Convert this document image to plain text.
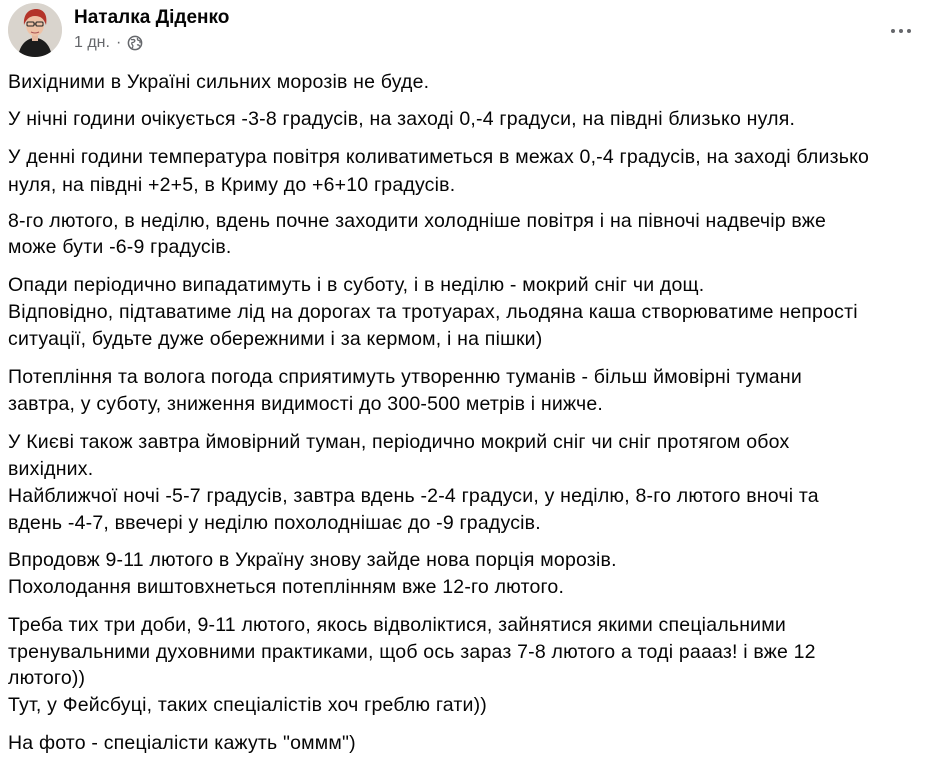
Наталка Діденко
1 дн. ·
Вихідними в Україні сильних морозів не буде.
У нічні години очікується -3-8 градусів, на заході 0,-4 градуси, на півдні близько нуля.
У денні години температура повітря коливатиметься в межах 0,-4 градусів, на заході близько
нуля, на півдні +2+5, в Криму до +6+10 градусів.
8-го лютого, в неділю, вдень почне заходити холодніше повітря і на півночі надвечір вже
може бути -6-9 градусів.
Опади періодично випадатимуть і в суботу, і в неділю - мокрий сніг чи дощ.
Відповідно, підтаватиме лід на дорогах та тротуарах, льодяна каша створюватиме непрості
ситуації, будьте дуже обережними і за кермом, і на пішки)
Потепління та волога погода сприятимуть утворенню туманів - більш ймовірні тумани
завтра, у суботу, зниження видимості до 300-500 метрів і нижче.
У Києві також завтра ймовірний туман, періодично мокрий сніг чи сніг протягом обох
вихідних.
Найближчої ночі -5-7 градусів, завтра вдень -2-4 градуси, у неділю, 8-го лютого вночі та
вдень -4-7, ввечері у неділю похолоднішає до -9 градусів.
Впродовж 9-11 лютого в Україну знову зайде нова порція морозів.
Похолодання виштовхнеться потеплінням вже 12-го лютого.
Треба тих три доби, 9-11 лютого, якось відволіктися, зайнятися якими спеціальними
тренувальними духовними практиками, щоб ось зараз 7-8 лютого а тоді раааз! і вже 12
лютого))
Тут, у Фейсбуці, таких спеціалістів хоч греблю гати))
На фото - спеціалісти кажуть "оммм")
